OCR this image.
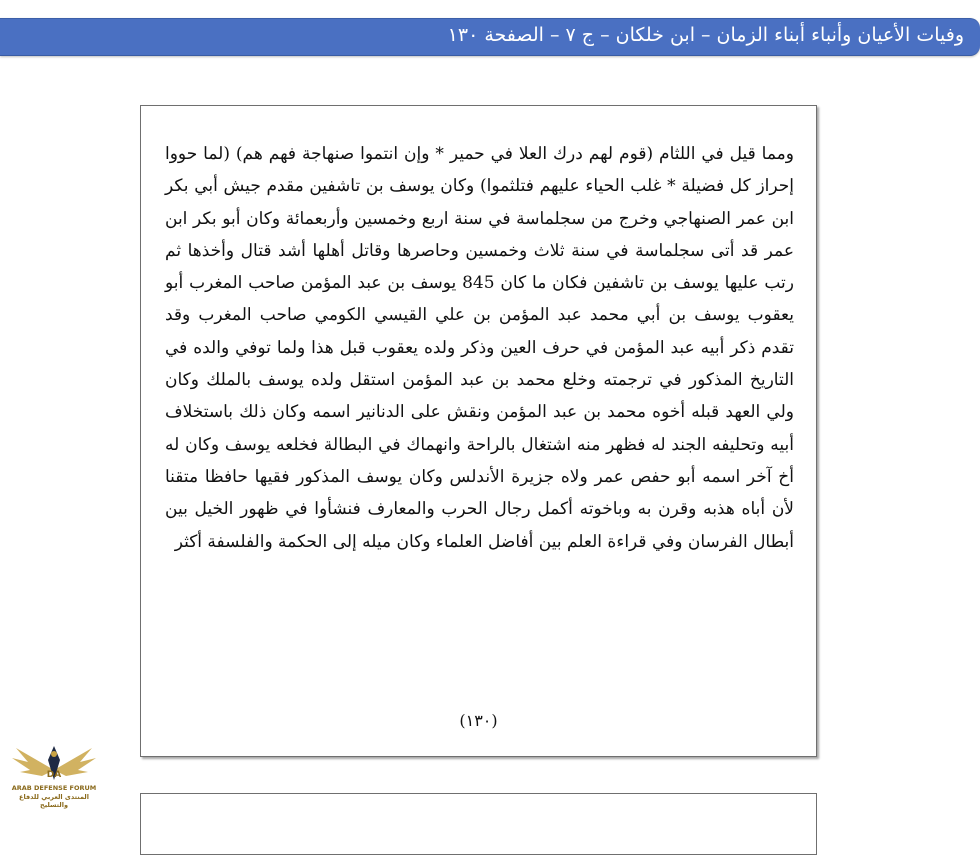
وفيات الأعيان وأنباء أبناء الزمان – ابن خلكان – ج ٧ – الصفحة ١٣٠
ومما قيل في اللثام (قوم لهم درك العلا في حمير * وإن انتموا صنهاجة فهم هم) (لما حووا إحراز كل فضيلة * غلب الحياء عليهم فتلثموا) وكان يوسف بن تاشفين مقدم جيش أبي بكر ابن عمر الصنهاجي وخرج من سجلماسة في سنة اربع وخمسين وأربعمائة وكان أبو بكر ابن عمر قد أتى سجلماسة في سنة ثلاث وخمسين وحاصرها وقاتل أهلها أشد قتال وأخذها ثم رتب عليها يوسف بن تاشفين فكان ما كان 845 يوسف بن عبد المؤمن صاحب المغرب أبو يعقوب يوسف بن أبي محمد عبد المؤمن بن علي القيسي الكومي صاحب المغرب وقد تقدم ذكر أبيه عبد المؤمن في حرف العين وذكر ولده يعقوب قبل هذا ولما توفي والده في التاريخ المذكور في ترجمته وخلع محمد بن عبد المؤمن استقل ولده يوسف بالملك وكان ولي العهد قبله أخوه محمد بن عبد المؤمن ونقش على الدنانير اسمه وكان ذلك باستخلاف أبيه وتحليفه الجند له فظهر منه اشتغال بالراحة وانهماك في البطالة فخلعه يوسف وكان له أخ آخر اسمه أبو حفص عمر ولاه جزيرة الأندلس وكان يوسف المذكور فقيها حافظا متقنا لأن أباه هذبه وقرن به وباخوته أكمل رجال الحرب والمعارف فنشأوا في ظهور الخيل بين أبطال الفرسان وفي قراءة العلم بين أفاضل العلماء وكان ميله إلى الحكمة والفلسفة أكثر
(١٣٠)
DA
ARAB DEFENSE FORUM
المنتدى العربي للدفاع والتسليح
